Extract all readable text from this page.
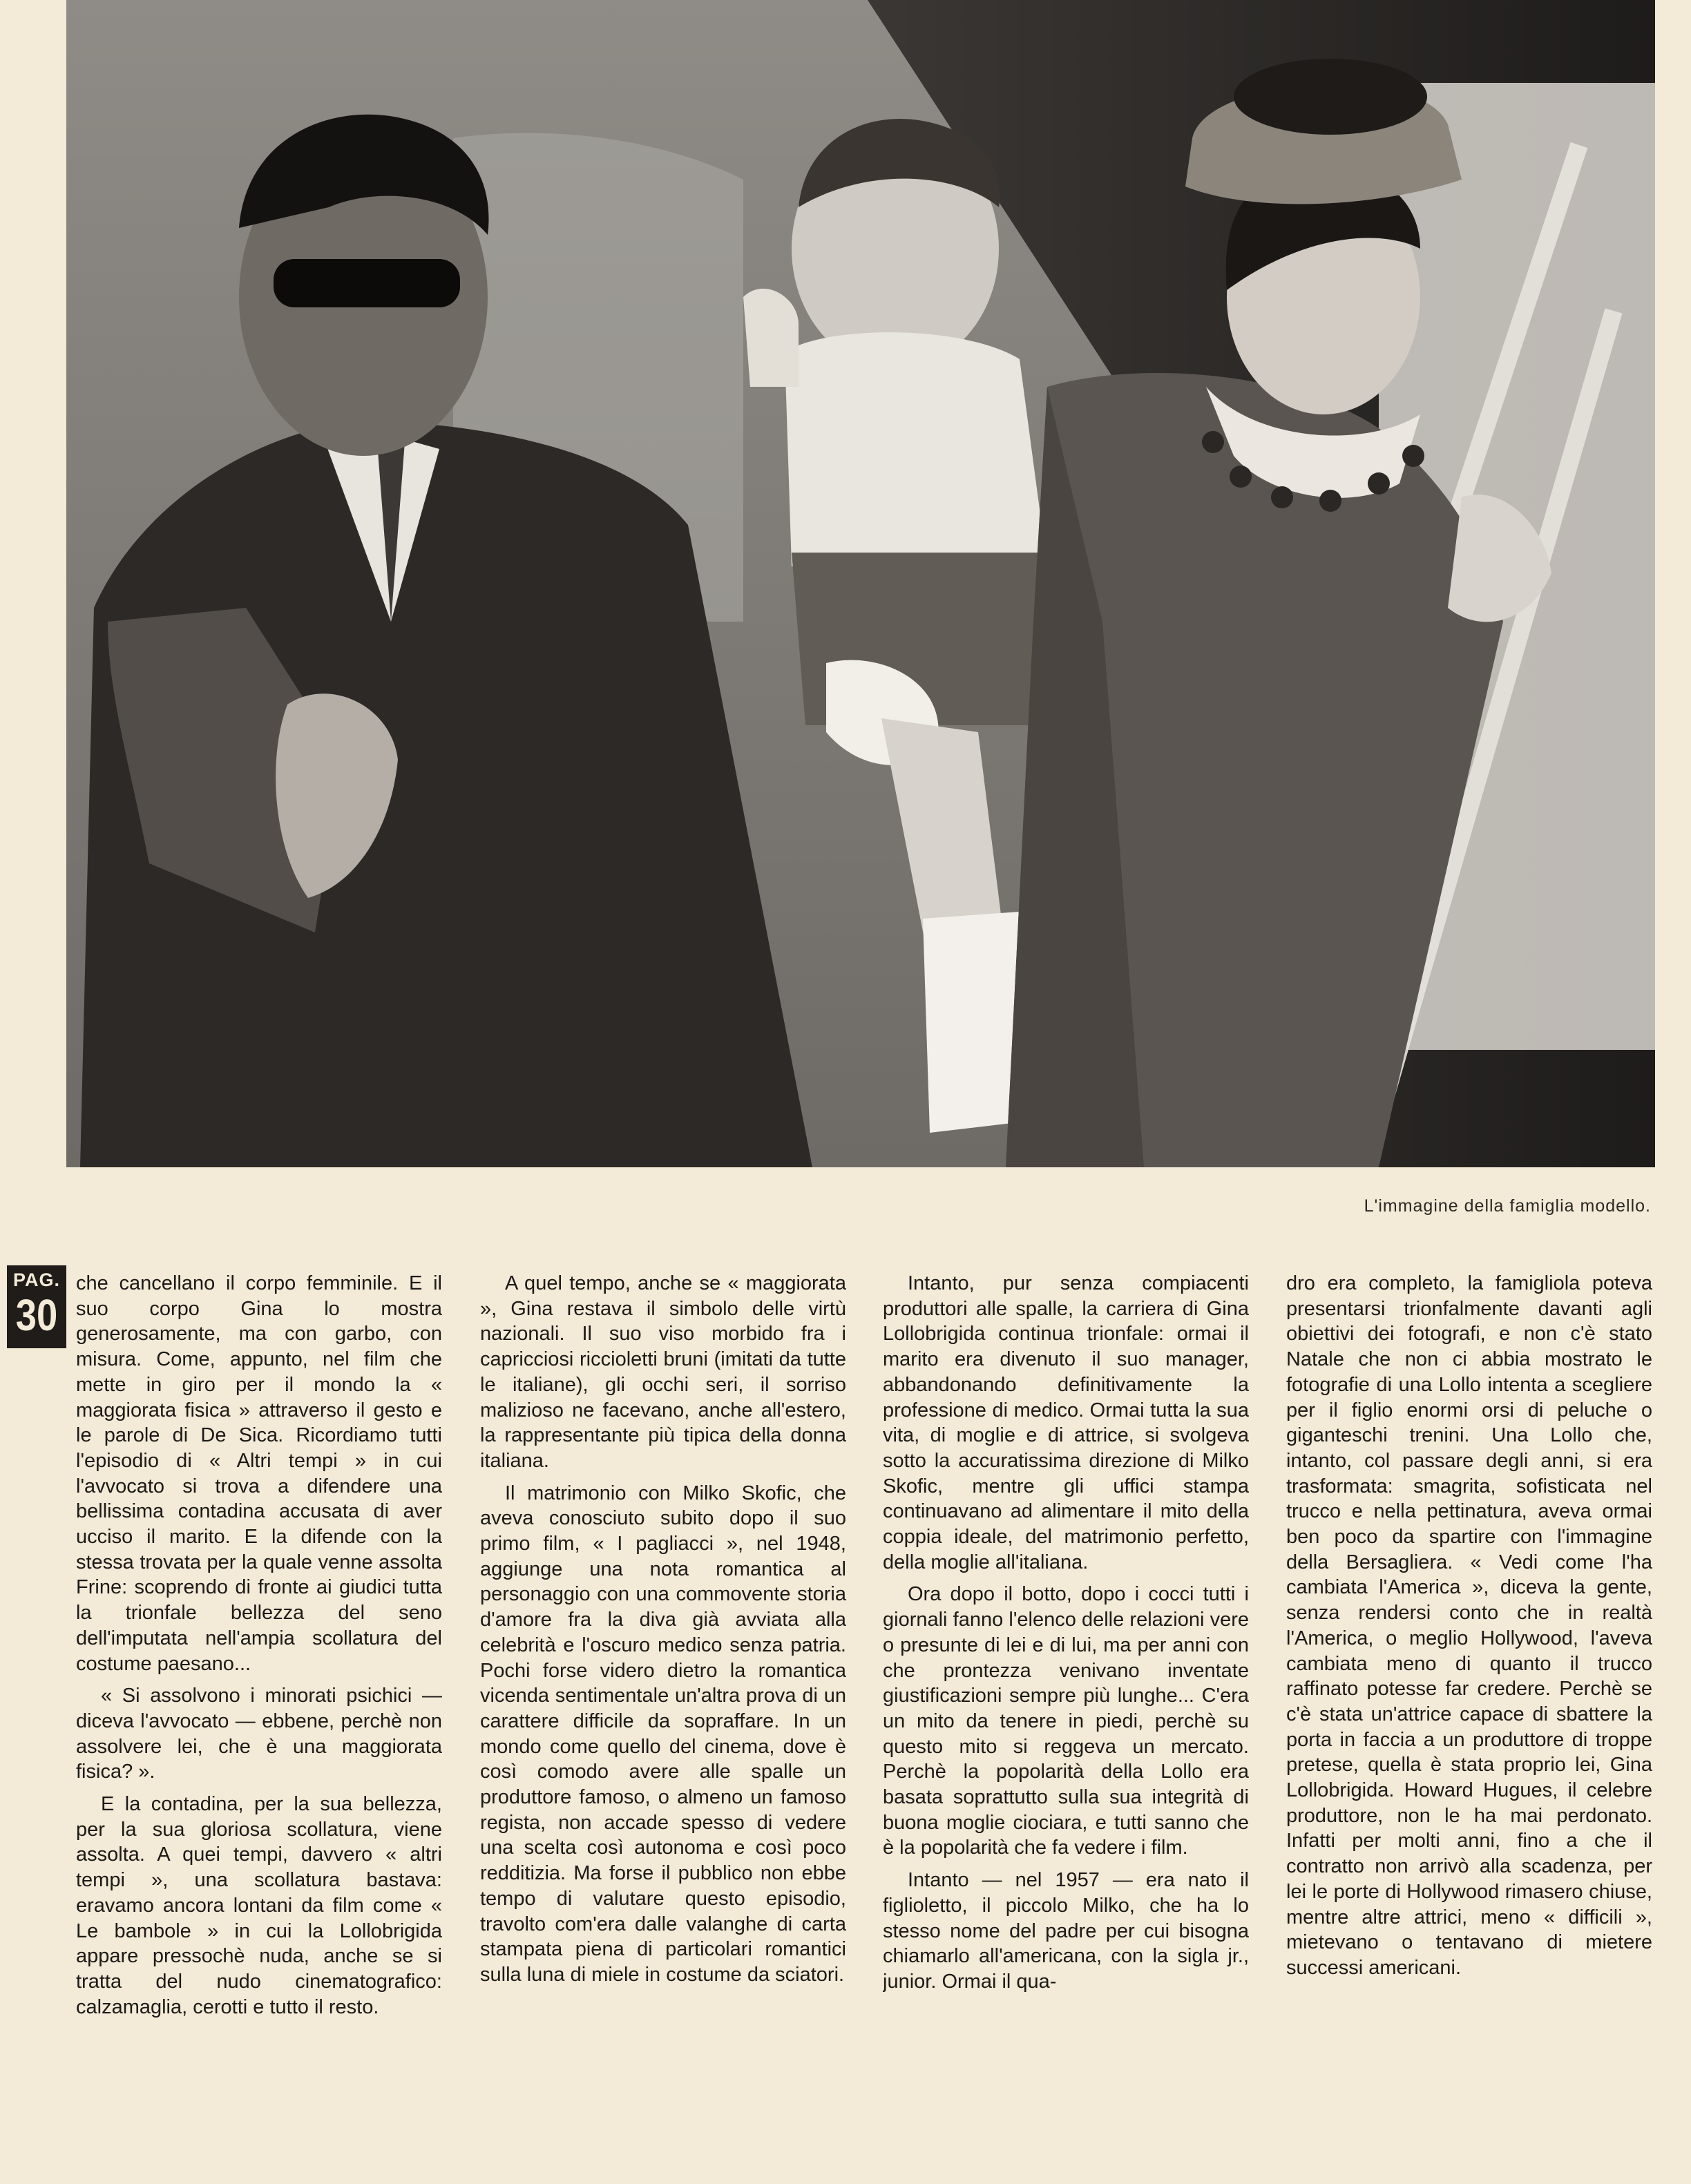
L'immagine della famiglia modello.
PAG.
30

che cancellano il corpo femminile. E il suo corpo Gina lo mostra generosamente, ma con garbo, con misura. Come, appunto, nel film che mette in giro per il mondo la « maggiorata fisica » attraverso il gesto e le parole di De Sica. Ricordiamo tutti l'episodio di « Altri tempi » in cui l'avvocato si trova a difendere una bellissima contadina accusata di aver ucciso il marito. E la difende con la stessa trovata per la quale venne assolta Frine: scoprendo di fronte ai giudici tutta la trionfale bellezza del seno dell'imputata nell'ampia scollatura del costume paesano...

« Si assolvono i minorati psichici — diceva l'avvocato — ebbene, perchè non assolvere lei, che è una maggiorata fisica? ».

E la contadina, per la sua bellezza, per la sua gloriosa scollatura, viene assolta. A quei tempi, davvero « altri tempi », una scollatura bastava: eravamo ancora lontani da film come « Le bambole » in cui la Lollobrigida appare pressochè nuda, anche se si tratta del nudo cinematografico: calzamaglia, cerotti e tutto il resto.

A quel tempo, anche se « maggiorata », Gina restava il simbolo delle virtù nazionali. Il suo viso morbido fra i capricciosi riccioletti bruni (imitati da tutte le italiane), gli occhi seri, il sorriso malizioso ne facevano, anche all'estero, la rappresentante più tipica della donna italiana.

Il matrimonio con Milko Skofic, che aveva conosciuto subito dopo il suo primo film, « I pagliacci », nel 1948, aggiunge una nota romantica al personaggio con una commovente storia d'amore fra la diva già avviata alla celebrità e l'oscuro medico senza patria. Pochi forse videro dietro la romantica vicenda sentimentale un'altra prova di un carattere difficile da sopraffare. In un mondo come quello del cinema, dove è così comodo avere alle spalle un produttore famoso, o almeno un famoso regista, non accade spesso di vedere una scelta così autonoma e così poco redditizia. Ma forse il pubblico non ebbe tempo di valutare questo episodio, travolto com'era dalle valanghe di carta stampata piena di particolari romantici sulla luna di miele in costume da sciatori.

Intanto, pur senza compiacenti produttori alle spalle, la carriera di Gina Lollobrigida continua trionfale: ormai il marito era divenuto il suo manager, abbandonando definitivamente la professione di medico. Ormai tutta la sua vita, di moglie e di attrice, si svolgeva sotto la accuratissima direzione di Milko Skofic, mentre gli uffici stampa continuavano ad alimentare il mito della coppia ideale, del matrimonio perfetto, della moglie all'italiana.

Ora dopo il botto, dopo i cocci tutti i giornali fanno l'elenco delle relazioni vere o presunte di lei e di lui, ma per anni con che prontezza venivano inventate giustificazioni sempre più lunghe... C'era un mito da tenere in piedi, perchè su questo mito si reggeva un mercato. Perchè la popolarità della Lollo era basata soprattutto sulla sua integrità di buona moglie ciociara, e tutti sanno che è la popolarità che fa vedere i film.

Intanto — nel 1957 — era nato il figlioletto, il piccolo Milko, che ha lo stesso nome del padre per cui bisogna chiamarlo all'americana, con la sigla jr., junior. Ormai il qua-

dro era completo, la famigliola poteva presentarsi trionfalmente davanti agli obiettivi dei fotografi, e non c'è stato Natale che non ci abbia mostrato le fotografie di una Lollo intenta a scegliere per il figlio enormi orsi di peluche o giganteschi trenini. Una Lollo che, intanto, col passare degli anni, si era trasformata: smagrita, sofisticata nel trucco e nella pettinatura, aveva ormai ben poco da spartire con l'immagine della Bersagliera. « Vedi come l'ha cambiata l'America », diceva la gente, senza rendersi conto che in realtà l'America, o meglio Hollywood, l'aveva cambiata meno di quanto il trucco raffinato potesse far credere. Perchè se c'è stata un'attrice capace di sbattere la porta in faccia a un produttore di troppe pretese, quella è stata proprio lei, Gina Lollobrigida. Howard Hugues, il celebre produttore, non le ha mai perdonato. Infatti per molti anni, fino a che il contratto non arrivò alla scadenza, per lei le porte di Hollywood rimasero chiuse, mentre altre attrici, meno « difficili », mietevano o tentavano di mietere successi americani.
